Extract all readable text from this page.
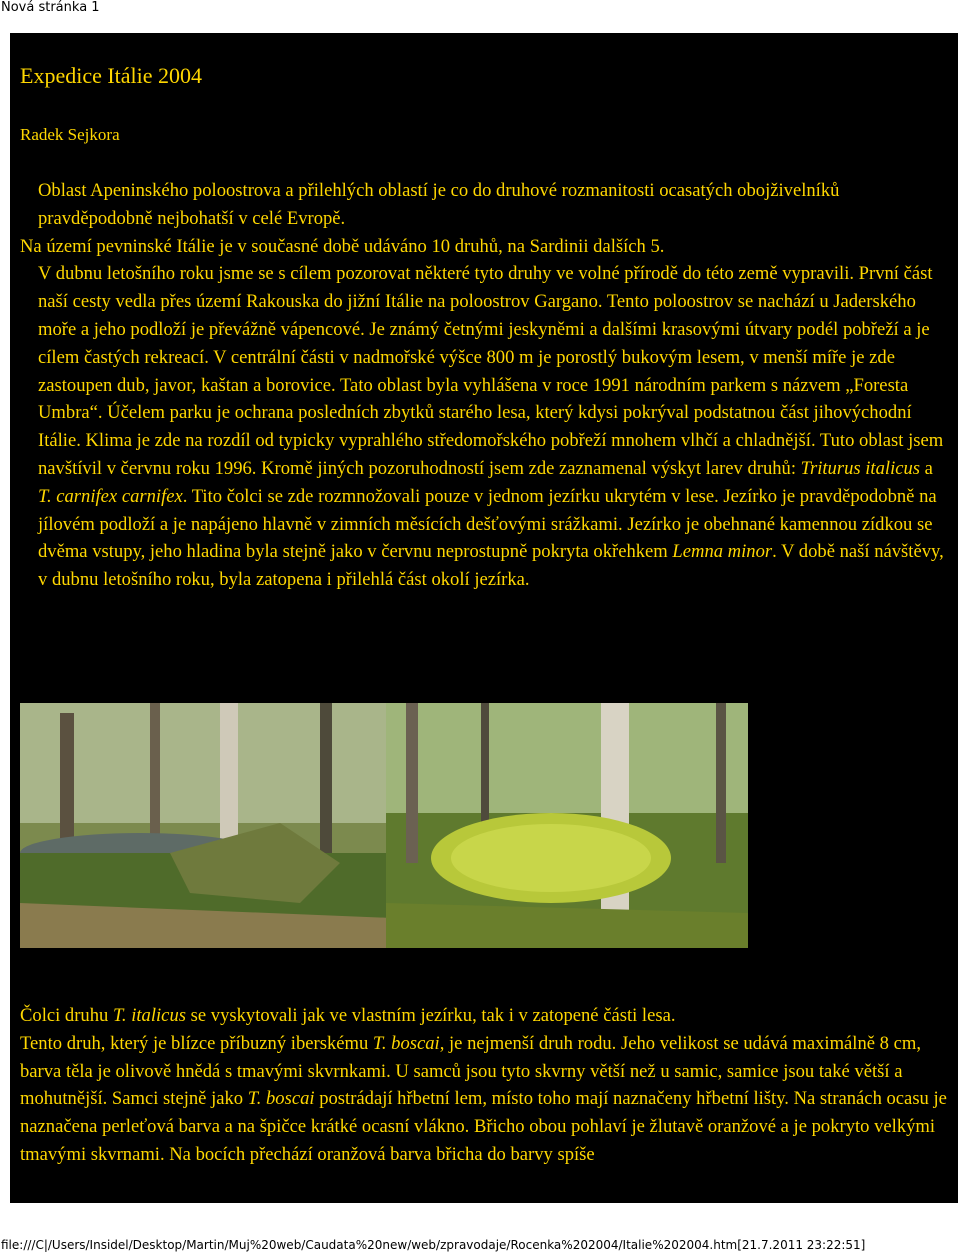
Nová stránka 1
Expedice Itálie 2004
Radek Sejkora

Oblast Apeninského poloostrova a přilehlých oblastí je co do druhové rozmanitosti ocasatých obojživelníků pravděpodobně nejbohatší v celé Evropě.

Na území pevninské Itálie je v současné době udáváno 10 druhů, na Sardinii dalších 5.

V dubnu letošního roku jsme se s cílem pozorovat některé tyto druhy ve volné přírodě do této země vypravili. První část naší cesty vedla přes území Rakouska do jižní Itálie na poloostrov Gargano. Tento poloostrov se nachází u Jaderského moře a jeho podloží je převážně vápencové. Je známý četnými jeskyněmi a dalšími krasovými útvary podél pobřeží a je cílem častých rekreací. V centrální části v nadmořské výšce 800 m je porostlý bukovým lesem, v menší míře je zde zastoupen dub, javor, kaštan a borovice. Tato oblast byla vyhlášena v roce 1991 národním parkem s názvem „Foresta Umbra“. Účelem parku je ochrana posledních zbytků starého lesa, který kdysi pokrýval podstatnou část jihovýchodní Itálie. Klima je zde na rozdíl od typicky vyprahlého středomořského pobřeží mnohem vlhčí a chladnější. Tuto oblast jsem navštívil v červnu roku 1996. Kromě jiných pozoruhodností jsem zde zaznamenal výskyt larev druhů: Triturus italicus a T. carnifex carnifex. Tito čolci se zde rozmnožovali pouze v jednom jezírku ukrytém v lese. Jezírko je pravděpodobně na jílovém podloží a je napájeno hlavně v zimních měsících dešťovými srážkami. Jezírko je obehnané kamennou zídkou se dvěma vstupy, jeho hladina byla stejně jako v červnu neprostupně pokryta okřehkem Lemna minor. V době naší návštěvy, v dubnu letošního roku, byla zatopena i přilehlá část okolí jezírka.

Čolci druhu T. italicus se vyskytovali jak ve vlastním jezírku, tak i v zatopené části lesa.

Tento druh, který je blízce příbuzný iberskému T. boscai, je nejmenší druh rodu. Jeho velikost se udává maximálně 8 cm, barva těla je olivově hnědá s tmavými skvrnkami. U samců jsou tyto skvrny větší než u samic, samice jsou také větší a mohutnější. Samci stejně jako T. boscai postrádají hřbetní lem, místo toho mají naznačeny hřbetní lišty. Na stranách ocasu je naznačena perleťová barva a na špičce krátké ocasní vlákno. Břicho obou pohlaví je žlutavě oranžové a je pokryto velkými tmavými skvrnami. Na bocích přechází oranžová barva břicha do barvy spíše

file:///C|/Users/Insidel/Desktop/Martin/Muj%20web/Caudata%20new/web/zpravodaje/Rocenka%202004/Italie%202004.htm[21.7.2011 23:22:51]
